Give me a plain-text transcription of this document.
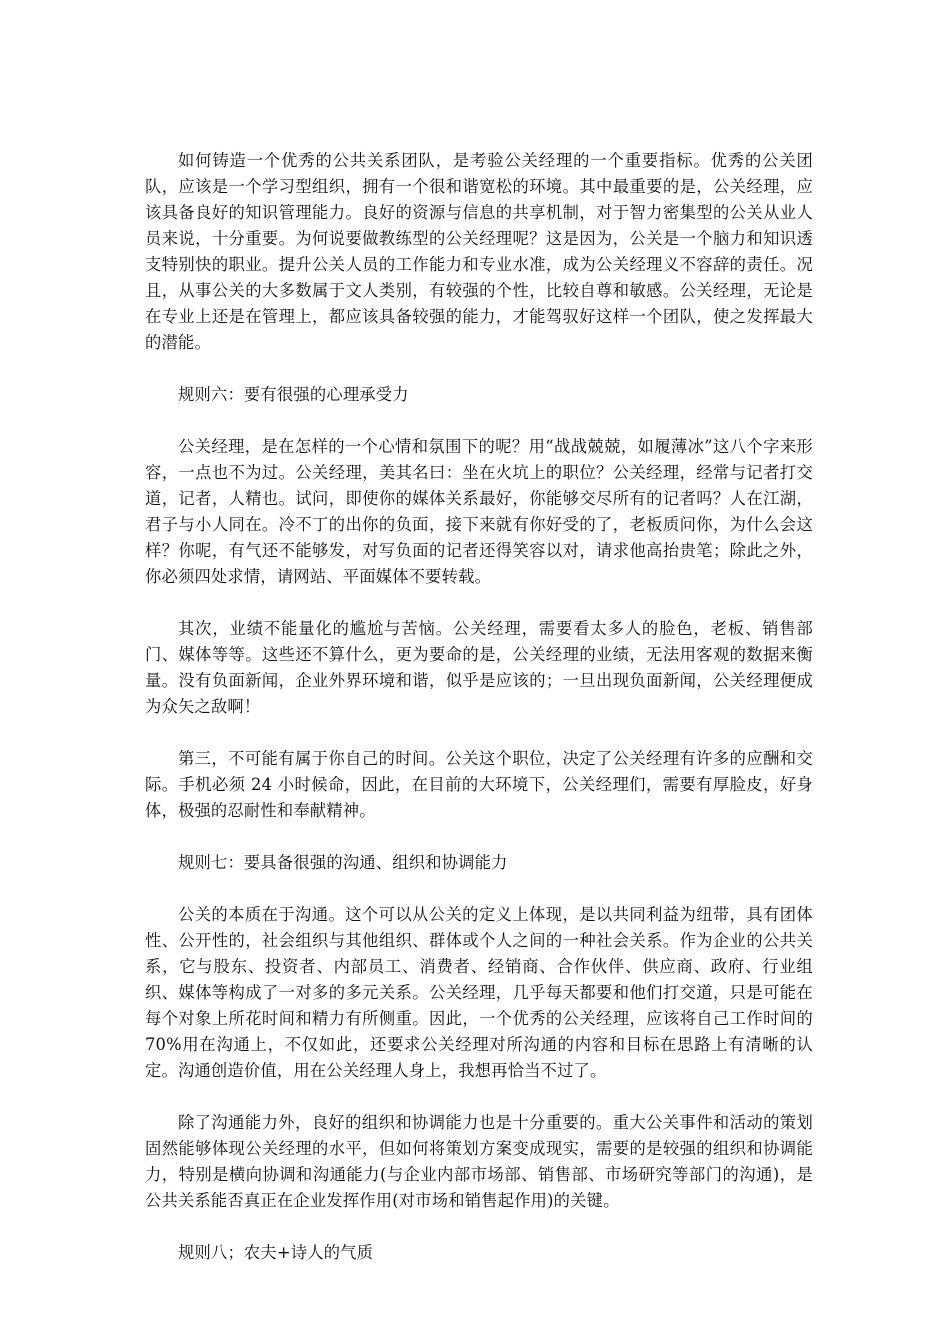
如何铸造一个优秀的公共关系团队，是考验公关经理的一个重要指标。优秀的公关团队，应该是一个学习型组织，拥有一个很和谐宽松的环境。其中最重要的是，公关经理，应该具备良好的知识管理能力。良好的资源与信息的共享机制，对于智力密集型的公关从业人员来说，十分重要。为何说要做教练型的公关经理呢？这是因为，公关是一个脑力和知识透支特别快的职业。提升公关人员的工作能力和专业水准，成为公关经理义不容辞的责任。况且，从事公关的大多数属于文人类别，有较强的个性，比较自尊和敏感。公关经理，无论是在专业上还是在管理上，都应该具备较强的能力，才能驾驭好这样一个团队，使之发挥最大的潜能。

规则六：要有很强的心理承受力

公关经理，是在怎样的一个心情和氛围下的呢？用“战战兢兢，如履薄冰”这八个字来形容，一点也不为过。公关经理，美其名曰：坐在火坑上的职位？公关经理，经常与记者打交道，记者，人精也。试问，即使你的媒体关系最好，你能够交尽所有的记者吗？人在江湖，君子与小人同在。冷不丁的出你的负面，接下来就有你好受的了，老板质问你，为什么会这样？你呢，有气还不能够发，对写负面的记者还得笑容以对，请求他高抬贵笔；除此之外，你必须四处求情，请网站、平面媒体不要转载。

其次，业绩不能量化的尴尬与苦恼。公关经理，需要看太多人的脸色，老板、销售部门、媒体等等。这些还不算什么，更为要命的是，公关经理的业绩，无法用客观的数据来衡量。没有负面新闻，企业外界环境和谐，似乎是应该的；一旦出现负面新闻，公关经理便成为众矢之敌啊！

第三，不可能有属于你自己的时间。公关这个职位，决定了公关经理有许多的应酬和交际。手机必须 24 小时候命，因此，在目前的大环境下，公关经理们，需要有厚脸皮，好身体，极强的忍耐性和奉献精神。

规则七：要具备很强的沟通、组织和协调能力

公关的本质在于沟通。这个可以从公关的定义上体现，是以共同利益为纽带，具有团体性、公开性的，社会组织与其他组织、群体或个人之间的一种社会关系。作为企业的公共关系，它与股东、投资者、内部员工、消费者、经销商、合作伙伴、供应商、政府、行业组织、媒体等构成了一对多的多元关系。公关经理，几乎每天都要和他们打交道，只是可能在每个对象上所花时间和精力有所侧重。因此，一个优秀的公关经理，应该将自己工作时间的 70%用在沟通上，不仅如此，还要求公关经理对所沟通的内容和目标在思路上有清晰的认定。沟通创造价值，用在公关经理人身上，我想再恰当不过了。

除了沟通能力外，良好的组织和协调能力也是十分重要的。重大公关事件和活动的策划固然能够体现公关经理的水平，但如何将策划方案变成现实，需要的是较强的组织和协调能力，特别是横向协调和沟通能力(与企业内部市场部、销售部、市场研究等部门的沟通)，是公共关系能否真正在企业发挥作用(对市场和销售起作用)的关键。

规则八；农夫+诗人的气质
